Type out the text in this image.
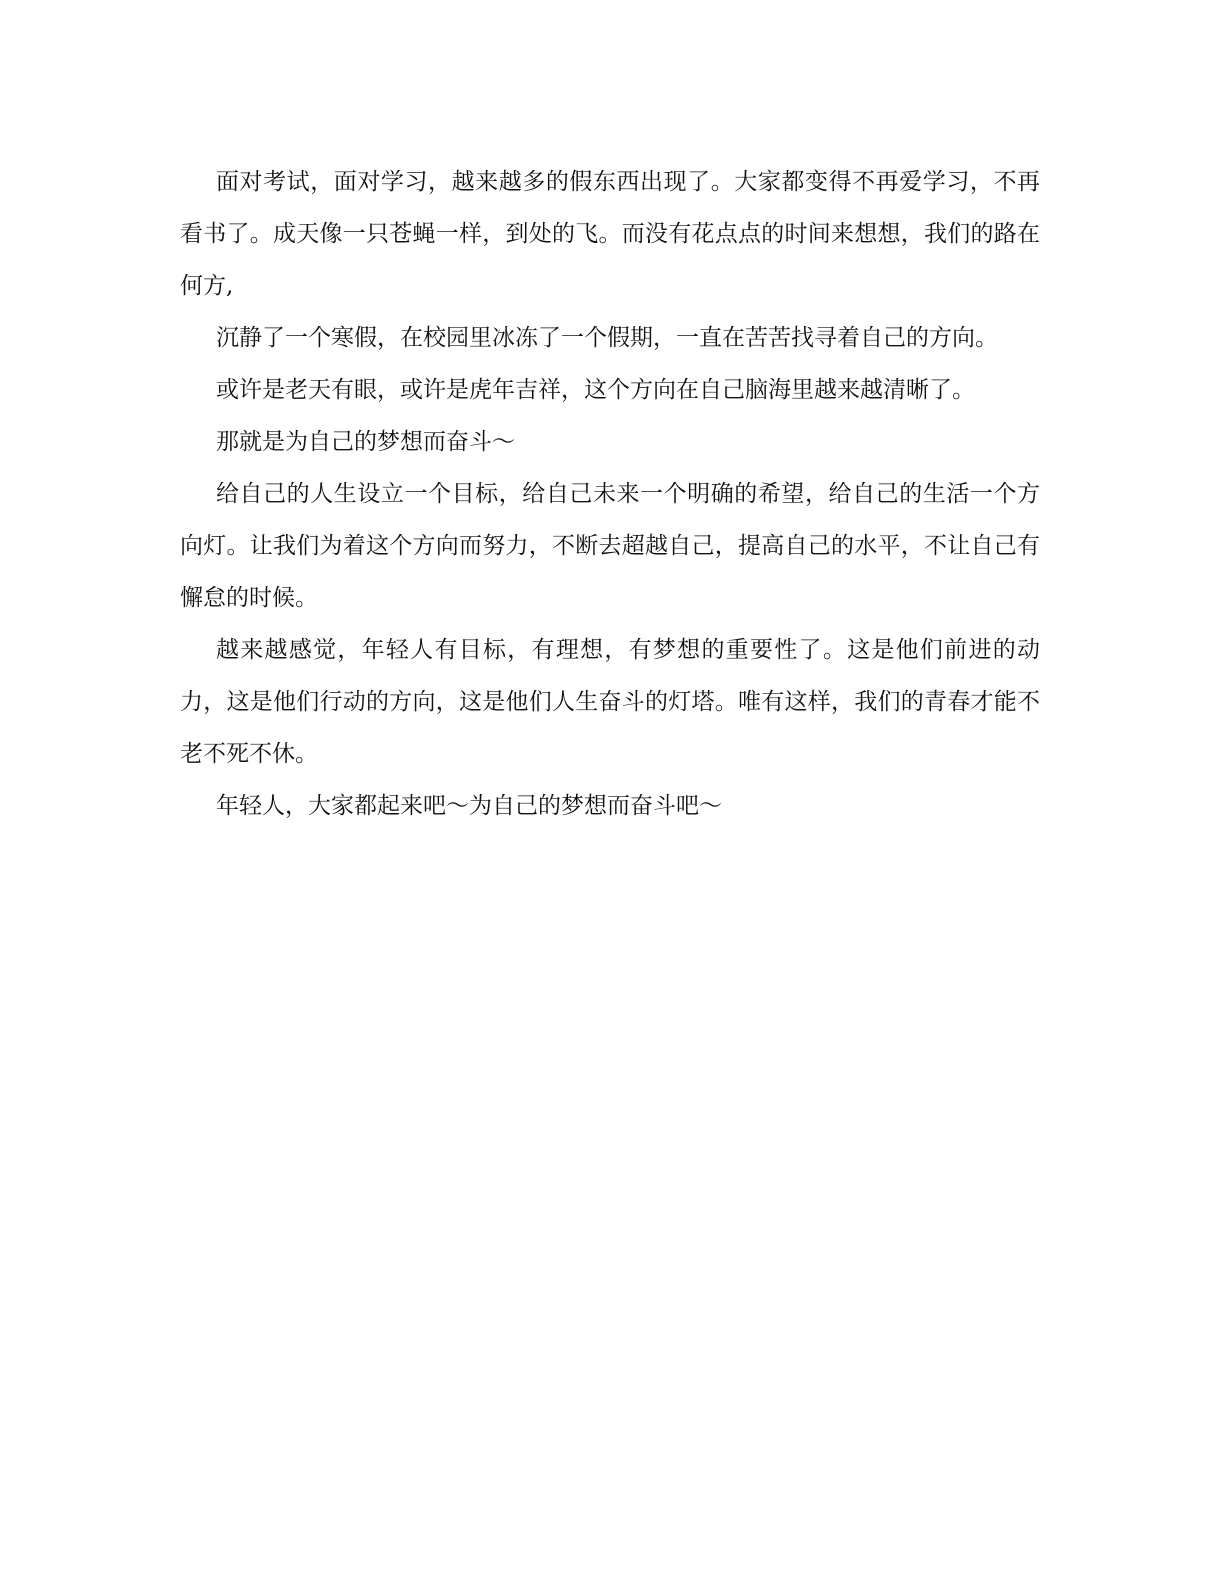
面对考试，面对学习，越来越多的假东西出现了。大家都变得不再爱学习，不再看书了。成天像一只苍蝇一样，到处的飞。而没有花点点的时间来想想，我们的路在何方,

沉静了一个寒假，在校园里冰冻了一个假期，一直在苦苦找寻着自己的方向。

或许是老天有眼，或许是虎年吉祥，这个方向在自己脑海里越来越清晰了。

那就是为自己的梦想而奋斗～

给自己的人生设立一个目标，给自己未来一个明确的希望，给自己的生活一个方向灯。让我们为着这个方向而努力，不断去超越自己，提高自己的水平，不让自己有懈怠的时候。

越来越感觉，年轻人有目标，有理想，有梦想的重要性了。这是他们前进的动力，这是他们行动的方向，这是他们人生奋斗的灯塔。唯有这样，我们的青春才能不老不死不休。

年轻人，大家都起来吧～为自己的梦想而奋斗吧～
